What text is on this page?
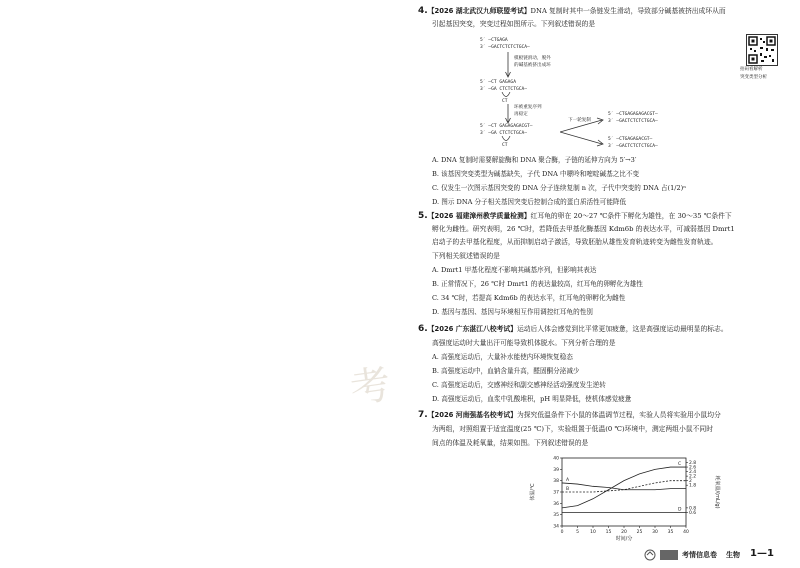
考
4.【2026 湖北武汉九师联盟考试】DNA 复制时其中一条链发生滑动，导致部分碱基被挤出成环从而
引起基因突变，突变过程如图所示。下列叙述错误的是
拍码看解析
突变类型分析
5′ —CTGAGA
3′ —GACTCTCTCTGCA—
模板链滑动，脱外
的碱基被挤出成环
5′ —CT GAGAGA
3′ —GA CTCTCTGCA—
CT
环被重复序列
再稳定
5′ —CT GAGAGAGACGT—
3′ —GA CTCTCTGCA—
CT
下一轮复制
5′ —CTGAGAGAGACGT—
3′ —GACTCTCTCTGCA—
5′ —CTGAGAGACGT—
3′ —GACTCTCTCTGCA—
A. DNA 复制时需要解旋酶和 DNA 聚合酶，子链的延伸方向为 5′→3′
B. 该基因突变类型为碱基缺失，子代 DNA 中嘌呤和嘧啶碱基之比不变
C. 仅发生一次图示基因突变的 DNA 分子连续复制 n 次，子代中突变的 DNA 占(1/2)ⁿ
D. 图示 DNA 分子相关基因突变后控制合成的蛋白质活性可能降低
5.【2026 福建漳州教学质量检测】红耳龟的卵在 20～27 ℃条件下孵化为雄性，在 30～35 ℃条件下
孵化为雌性。研究表明，26 ℃时，若降低去甲基化酶基因 Kdm6b 的表达水平，可减弱基因 Dmrt1
启动子的去甲基化程度，从而抑制启动子激活，导致胚胎从雄性发育轨迹转变为雌性发育轨迹。
下列相关叙述错误的是
A. Dmrt1 甲基化程度不影响其碱基序列，但影响其表达
B. 正常情况下，26 ℃时 Dmrt1 的表达量较高，红耳龟的卵孵化为雄性
C. 34 ℃时，若提高 Kdm6b 的表达水平，红耳龟的卵孵化为雌性
D. 基因与基因、基因与环境相互作用调控红耳龟的性别
6.【2026 广东湛江八校考试】运动后人体会感觉到比平常更加疲惫，这是高强度运动最明显的标志。
高强度运动时大量出汗可能导致机体脱水。下列分析合理的是
A. 高强度运动后，大量补水能使内环境恢复稳态
B. 高强度运动中，血钠含量升高，醛固酮分泌减少
C. 高强度运动后，交感神经和副交感神经活动强度发生逆转
D. 高强度运动后，血浆中乳酸堆积，pH 明显降低，使机体感觉疲惫
7.【2026 河南强基名校考试】为探究低温条件下小鼠的体温调节过程，实验人员将实验用小鼠均分
为两组，对照组置于适宜温度(25 ℃)下，实验组置于低温(0 ℃)环境中，测定两组小鼠不同时
间点的体温及耗氧量，结果如图。下列叙述错误的是
0	5 10 15 20 25 30 35 40
34
35
36
37
38
39
40
2.8
2.6
2.4
2.2
2
1.8
0.8
0.6
A
B
C
D
时间/分
体温/℃	耗氧量/(mL/g)
考情信息卷 生物 1—1
